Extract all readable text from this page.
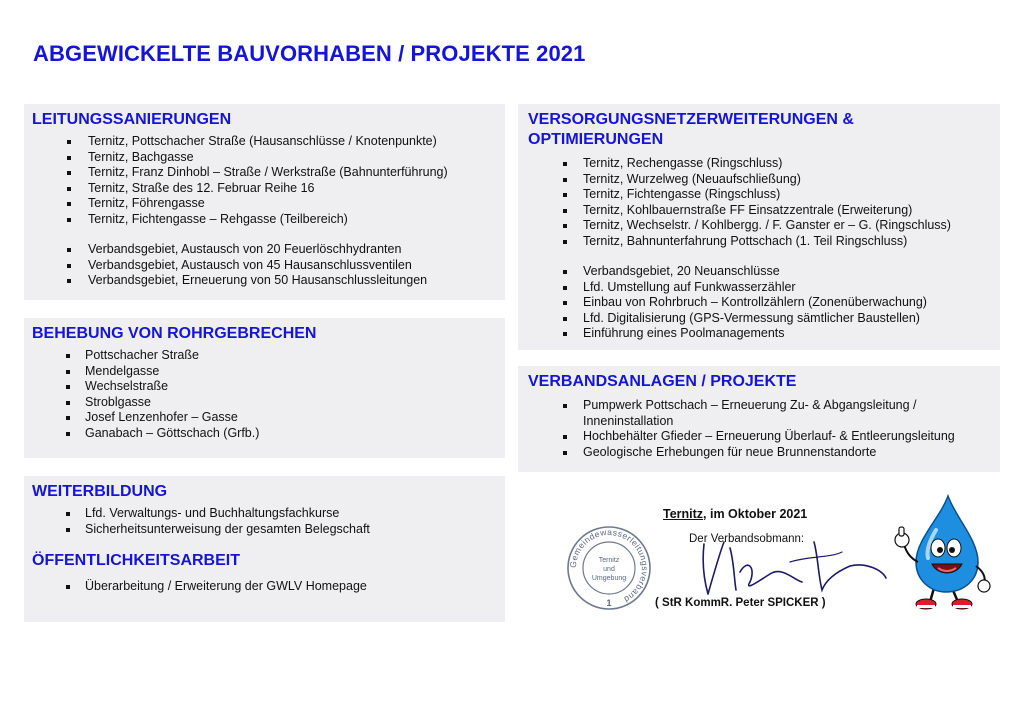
ABGEWICKELTE BAUVORHABEN / PROJEKTE 2021
LEITUNGSSANIERUNGEN
Ternitz, Pottschacher Straße (Hausanschlüsse / Knotenpunkte)
Ternitz, Bachgasse
Ternitz, Franz Dinhobl – Straße / Werkstraße (Bahnunterführung)
Ternitz, Straße des 12. Februar Reihe 16
Ternitz, Föhrengasse
Ternitz, Fichtengasse – Rehgasse (Teilbereich)
Verbandsgebiet, Austausch von 20 Feuerlöschhydranten
Verbandsgebiet, Austausch von 45 Hausanschlussventilen
Verbandsgebiet, Erneuerung von 50 Hausanschlussleitungen
BEHEBUNG VON ROHRGEBRECHEN
Pottschacher Straße
Mendelgasse
Wechselstraße
Stroblgasse
Josef Lenzenhofer – Gasse
Ganabach – Göttschach (Grfb.)
WEITERBILDUNG
Lfd. Verwaltungs- und Buchhaltungsfachkurse
Sicherheitsunterweisung der gesamten Belegschaft
ÖFFENTLICHKEITSARBEIT
Überarbeitung / Erweiterung der GWLV Homepage
VERSORGUNGSNETZERWEITERUNGEN &
OPTIMIERUNGEN
Ternitz, Rechengasse (Ringschluss)
Ternitz, Wurzelweg (Neuaufschließung)
Ternitz, Fichtengasse (Ringschluss)
Ternitz, Kohlbauernstraße FF Einsatzzentrale (Erweiterung)
Ternitz, Wechselstr. / Kohlbergg. / F. Ganster er – G. (Ringschluss)
Ternitz, Bahnunterfahrung Pottschach (1. Teil Ringschluss)
Verbandsgebiet, 20 Neuanschlüsse
Lfd. Umstellung auf Funkwasserzähler
Einbau von Rohrbruch – Kontrollzählern (Zonenüberwachung)
Lfd. Digitalisierung (GPS-Vermessung sämtlicher Baustellen)
Einführung eines Poolmanagements
VERBANDSANLAGEN / PROJEKTE
Pumpwerk Pottschach – Erneuerung Zu- & Abgangsleitung /
Inneninstallation
Hochbehälter Gfieder – Erneuerung Überlauf- & Entleerungsleitung
Geologische Erhebungen für neue Brunnenstandorte
Gemeindewasserleitungsverband
Ternitz
und
Umgebung
1
Ternitz, im Oktober 2021
Der Verbandsobmann:
( StR KommR. Peter SPICKER )
